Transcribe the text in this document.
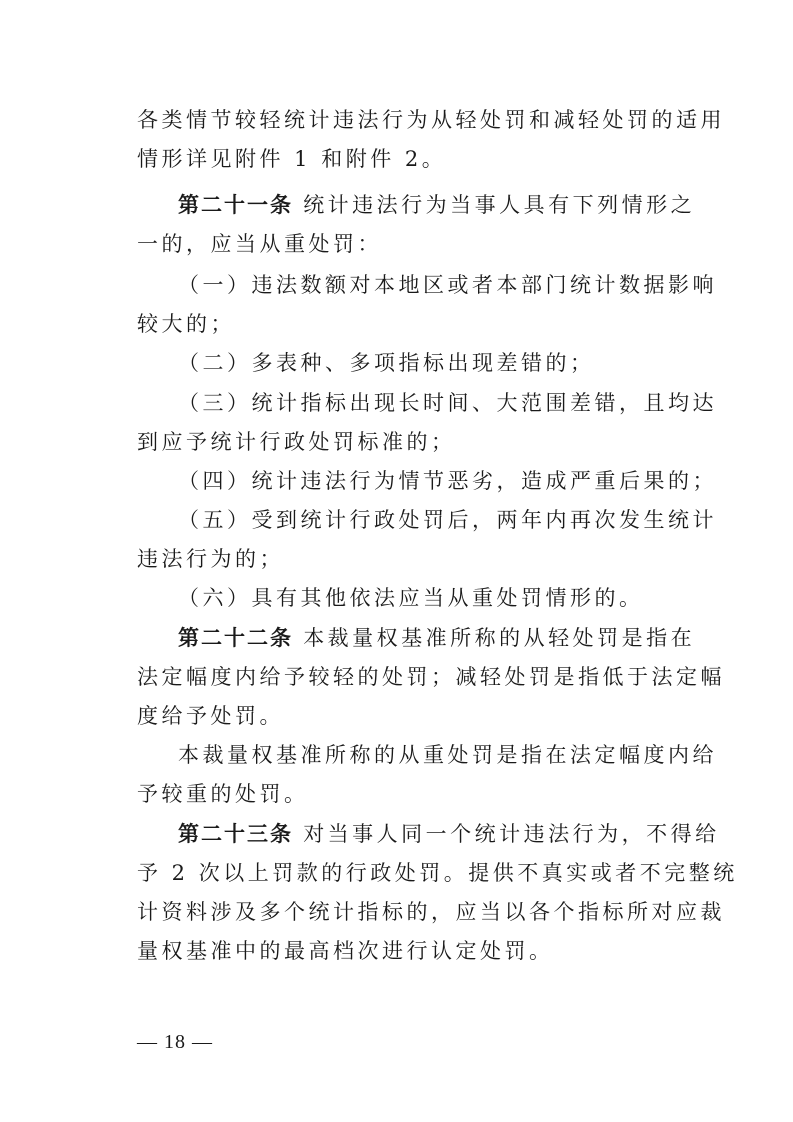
各类情节较轻统计违法行为从轻处罚和减轻处罚的适用
情形详见附件 1 和附件 2。
第二十一条 统计违法行为当事人具有下列情形之
一的，应当从重处罚：
（一）违法数额对本地区或者本部门统计数据影响
较大的；
（二）多表种、多项指标出现差错的；
（三）统计指标出现长时间、大范围差错，且均达
到应予统计行政处罚标准的；
（四）统计违法行为情节恶劣，造成严重后果的；
（五）受到统计行政处罚后，两年内再次发生统计
违法行为的；
（六）具有其他依法应当从重处罚情形的。
第二十二条 本裁量权基准所称的从轻处罚是指在
法定幅度内给予较轻的处罚；减轻处罚是指低于法定幅
度给予处罚。
本裁量权基准所称的从重处罚是指在法定幅度内给
予较重的处罚。
第二十三条 对当事人同一个统计违法行为，不得给
予 2 次以上罚款的行政处罚。提供不真实或者不完整统
计资料涉及多个统计指标的，应当以各个指标所对应裁
量权基准中的最高档次进行认定处罚。
— 18 —
